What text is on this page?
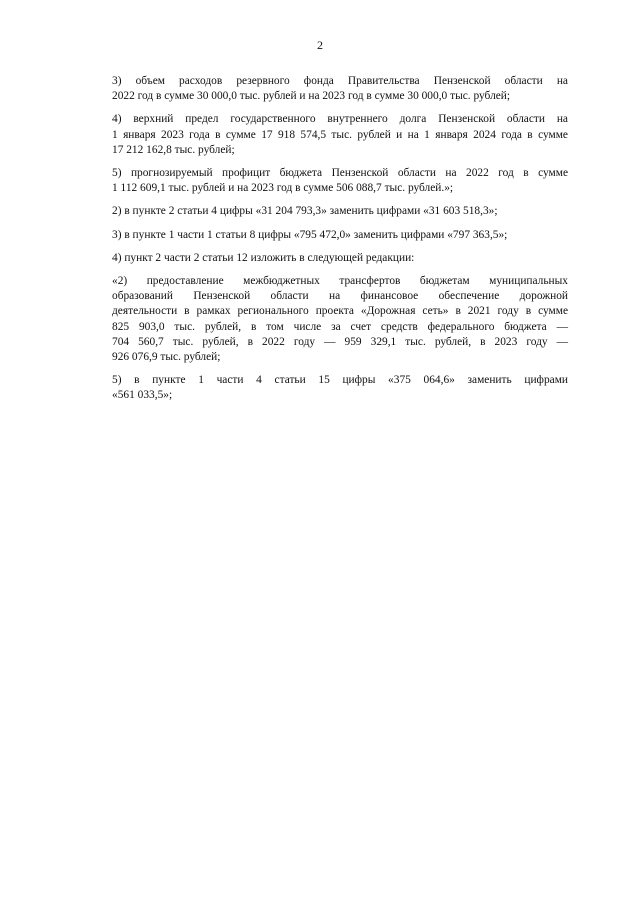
2

3) объем расходов резервного фонда Правительства Пензенской области на
2022 год в сумме 30 000,0 тыс. рублей и на 2023 год в сумме 30 000,0 тыс. рублей;

4) верхний предел государственного внутреннего долга Пензенской области на
1 января 2023 года в сумме 17 918 574,5 тыс. рублей и на 1 января 2024 года в сумме
17 212 162,8 тыс. рублей;

5) прогнозируемый профицит бюджета Пензенской области на 2022 год в сумме
1 112 609,1 тыс. рублей и на 2023 год в сумме 506 088,7 тыс. рублей.»;

2) в пункте 2 статьи 4 цифры «31 204 793,3» заменить цифрами «31 603 518,3»;

3) в пункте 1 части 1 статьи 8 цифры «795 472,0» заменить цифрами «797 363,5»;

4) пункт 2 части 2 статьи 12 изложить в следующей редакции:

«2) предоставление межбюджетных трансфертов бюджетам муниципальных
образований Пензенской области на финансовое обеспечение дорожной
деятельности в рамках регионального проекта «Дорожная сеть» в 2021 году в сумме
825 903,0 тыс. рублей, в том числе за счет средств федерального бюджета —
704 560,7 тыс. рублей, в 2022 году — 959 329,1 тыс. рублей, в 2023 году —
926 076,9 тыс. рублей;

5) в пункте 1 части 4 статьи 15 цифры «375 064,6» заменить цифрами
«561 033,5»;
